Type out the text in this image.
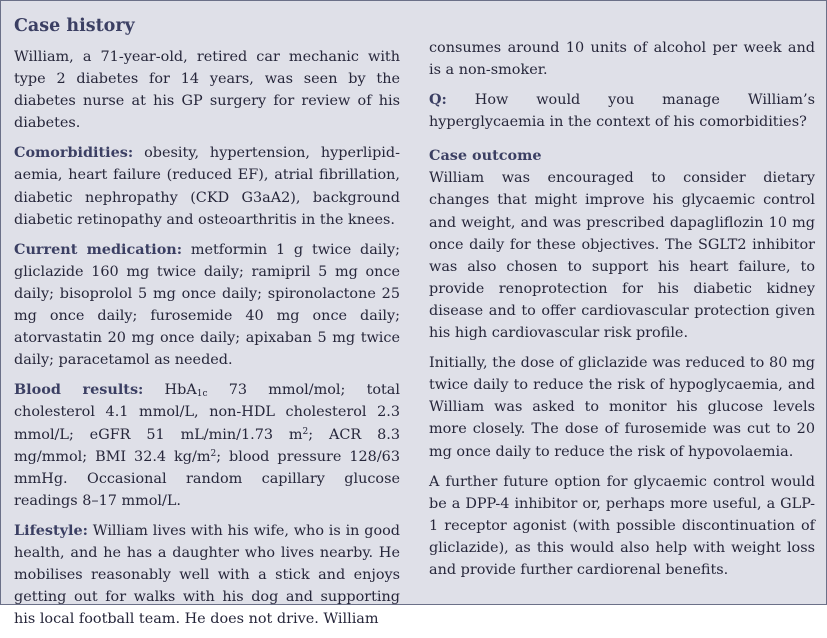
Case history

William, a 71-year-old, retired car mechanic with type 2 diabetes for 14 years, was seen by the diabetes nurse at his GP surgery for review of his diabetes.

Comorbidities: obesity, hypertension, hyperlipidaemia, heart failure (reduced EF), atrial fibrillation, diabetic nephropathy (CKD G3aA2), background diabetic retinopathy and osteoarthritis in the knees.

Current medication: metformin 1 g twice daily; gliclazide 160 mg twice daily; ramipril 5 mg once daily; bisoprolol 5 mg once daily; spironolactone 25 mg once daily; furosemide 40 mg once daily; atorvastatin 20 mg once daily; apixaban 5 mg twice daily; paracetamol as needed.

Blood results: HbA$_{1c}$ 73 mmol/mol; total cholesterol 4.1 mmol/L, non-HDL cholesterol 2.3 mmol/L; eGFR 51 mL/min/1.73 $m^2$; ACR 8.3 mg/mmol; BMI 32.4 $kg/m^2$; blood pressure 128/63 mmHg. Occasional random capillary glucose readings 8–17 mmol/L.

Lifestyle: William lives with his wife, who is in good health, and he has a daughter who lives nearby. He mobilises reasonably well with a stick and enjoys getting out for walks with his dog and supporting his local football team. He does not drive. William

consumes around 10 units of alcohol per week and is a non-smoker.

Q: How would you manage William’s hyperglycaemia in the context of his comorbidities?

Case outcome

William was encouraged to consider dietary changes that might improve his glycaemic control and weight, and was prescribed dapagliflozin 10 mg once daily for these objectives. The SGLT2 inhibitor was also chosen to support his heart failure, to provide renoprotection for his diabetic kidney disease and to offer cardiovascular protection given his high cardiovascular risk profile.

Initially, the dose of gliclazide was reduced to 80 mg twice daily to reduce the risk of hypoglycaemia, and William was asked to monitor his glucose levels more closely. The dose of furosemide was cut to 20 mg once daily to reduce the risk of hypovolaemia.

A further future option for glycaemic control would be a DPP-4 inhibitor or, perhaps more useful, a GLP-1 receptor agonist (with possible discontinuation of gliclazide), as this would also help with weight loss and provide further cardiorenal benefits.
